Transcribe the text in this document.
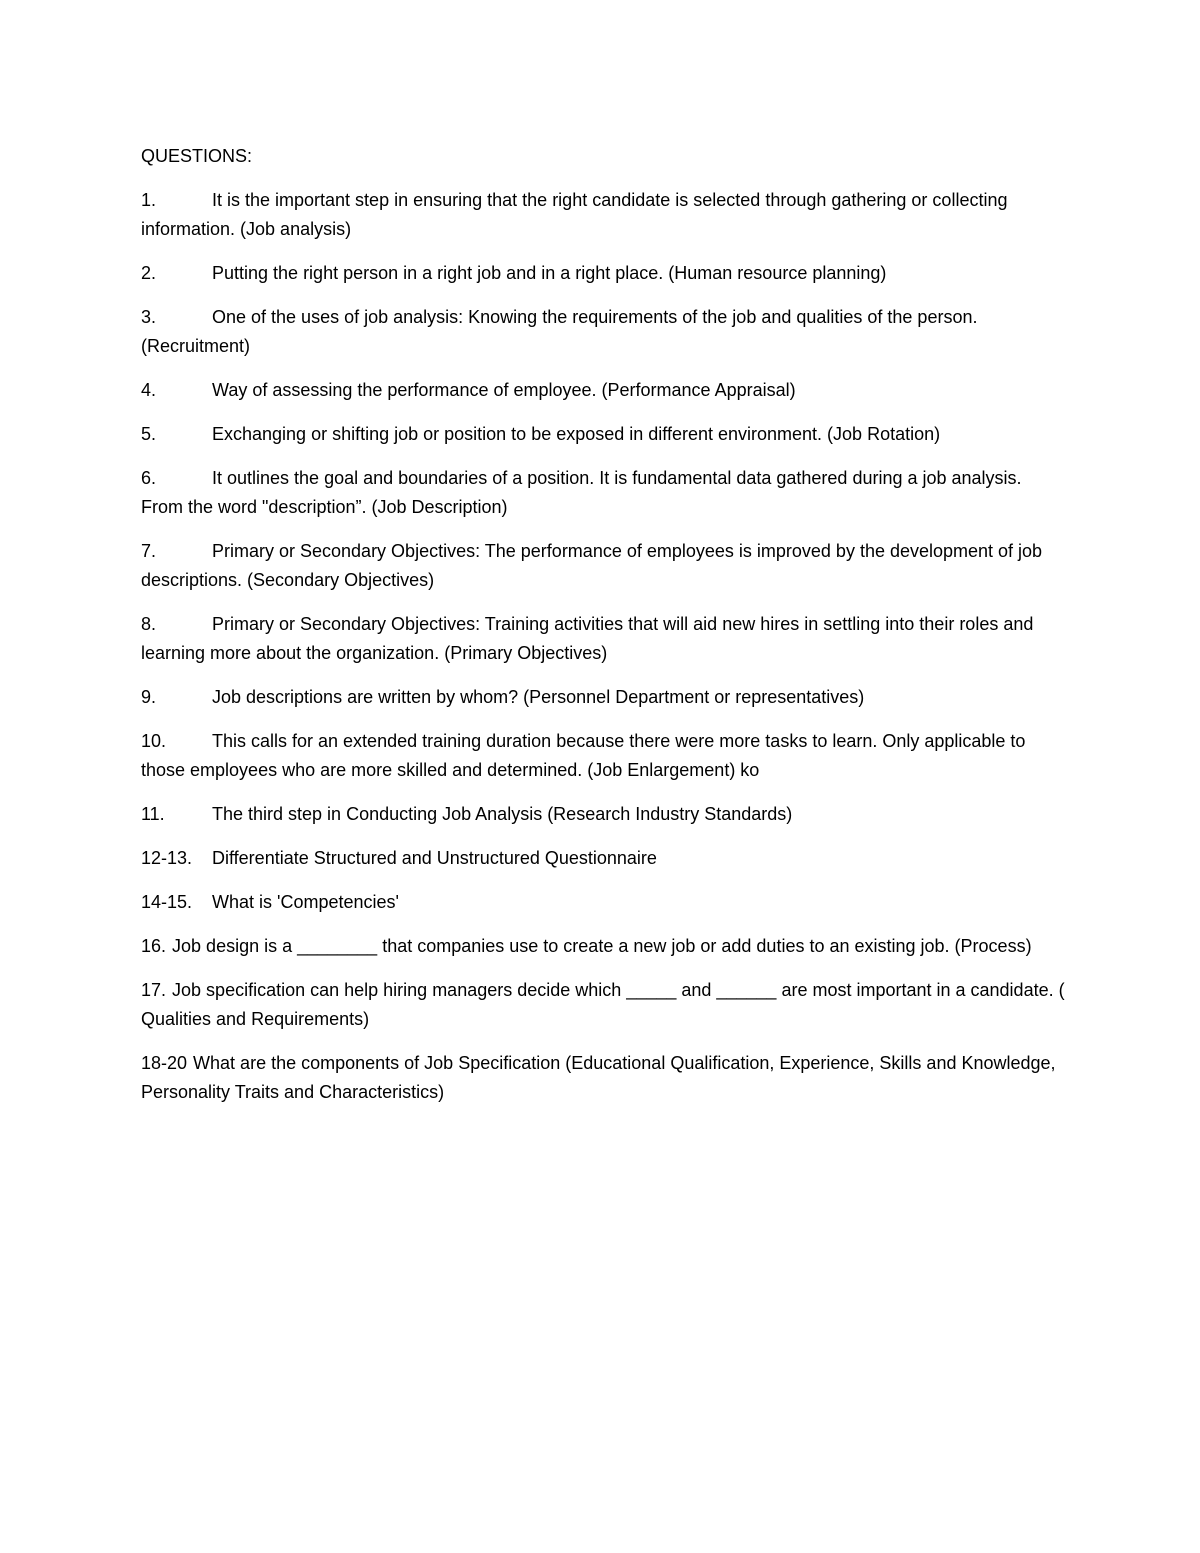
QUESTIONS:
1.	It is the important step in ensuring that the right candidate is selected through gathering or collecting information. (Job analysis)
2.	Putting the right person in a right job and in a right place. (Human resource planning)
3.	One of the uses of job analysis: Knowing the requirements of the job and qualities of the person. (Recruitment)
4.	Way of assessing the performance of employee. (Performance Appraisal)
5.	Exchanging or shifting job or position to be exposed in different environment. (Job Rotation)
6.	It outlines the goal and boundaries of a position. It is fundamental data gathered during a job analysis. From the word "description”. (Job Description)
7.	Primary or Secondary Objectives: The performance of employees is improved by the development of job descriptions. (Secondary Objectives)
8.	Primary or Secondary Objectives: Training activities that will aid new hires in settling into their roles and learning more about the organization. (Primary Objectives)
9.	Job descriptions are written by whom? (Personnel Department or representatives)
10.	This calls for an extended training duration because there were more tasks to learn. Only applicable to those employees who are more skilled and determined. (Job Enlargement) ko
11.	The third step in Conducting Job Analysis (Research Industry Standards)
12-13. Differentiate Structured and Unstructured Questionnaire
14-15. What is 'Competencies'
16. Job design is a ________ that companies use to create a new job or add duties to an existing job. (Process)
17. Job specification can help hiring managers decide which _____ and ______ are most important in a candidate. ( Qualities and Requirements)
18-20 What are the components of Job Specification (Educational Qualification, Experience, Skills and Knowledge, Personality Traits and Characteristics)
